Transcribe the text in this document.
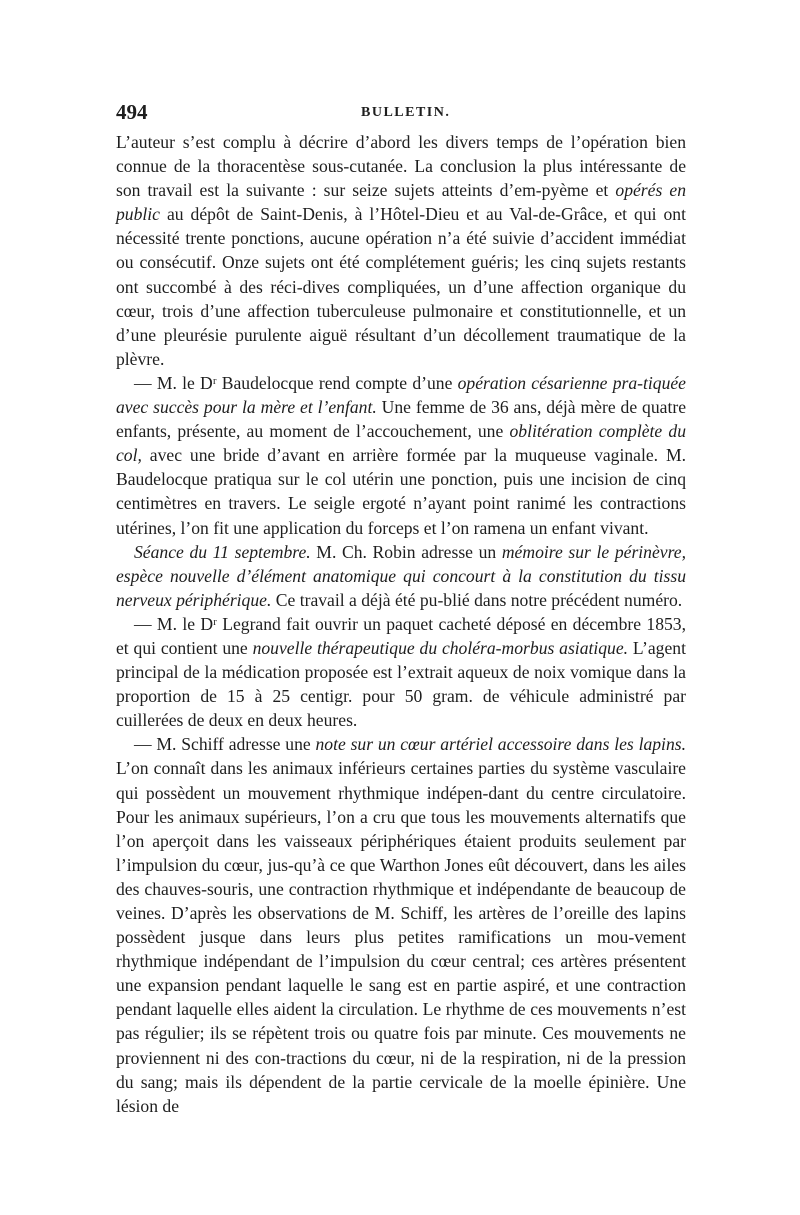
494	BULLETIN.

L’auteur s’est complu à décrire d’abord les divers temps de l’opération bien connue de la thoracentèse sous-cutanée. La conclusion la plus intéressante de son travail est la suivante : sur seize sujets atteints d’em-pyème et opérés en public au dépôt de Saint-Denis, à l’Hôtel-Dieu et au Val-de-Grâce, et qui ont nécessité trente ponctions, aucune opération n’a été suivie d’accident immédiat ou consécutif. Onze sujets ont été complétement guéris; les cinq sujets restants ont succombé à des réci-dives compliquées, un d’une affection organique du cœur, trois d’une affection tuberculeuse pulmonaire et constitutionnelle, et un d’une pleurésie purulente aiguë résultant d’un décollement traumatique de la plèvre.

— M. le Dʳ Baudelocque rend compte d’une opération césarienne pra-tiquée avec succès pour la mère et l’enfant. Une femme de 36 ans, déjà mère de quatre enfants, présente, au moment de l’accouchement, une oblitération complète du col, avec une bride d’avant en arrière formée par la muqueuse vaginale. M. Baudelocque pratiqua sur le col utérin une ponction, puis une incision de cinq centimètres en travers. Le seigle ergoté n’ayant point ranimé les contractions utérines, l’on fit une application du forceps et l’on ramena un enfant vivant.

Séance du 11 septembre. M. Ch. Robin adresse un mémoire sur le périnèvre, espèce nouvelle d’élément anatomique qui concourt à la constitution du tissu nerveux périphérique. Ce travail a déjà été pu-blié dans notre précédent numéro.

— M. le Dʳ Legrand fait ouvrir un paquet cacheté déposé en décembre 1853, et qui contient une nouvelle thérapeutique du choléra-morbus asiatique. L’agent principal de la médication proposée est l’extrait aqueux de noix vomique dans la proportion de 15 à 25 centigr. pour 50 gram. de véhicule administré par cuillerées de deux en deux heures.

— M. Schiff adresse une note sur un cœur artériel accessoire dans les lapins. L’on connaît dans les animaux inférieurs certaines parties du système vasculaire qui possèdent un mouvement rhythmique indépen-dant du centre circulatoire. Pour les animaux supérieurs, l’on a cru que tous les mouvements alternatifs que l’on aperçoit dans les vaisseaux périphériques étaient produits seulement par l’impulsion du cœur, jus-qu’à ce que Warthon Jones eût découvert, dans les ailes des chauves-souris, une contraction rhythmique et indépendante de beaucoup de veines. D’après les observations de M. Schiff, les artères de l’oreille des lapins possèdent jusque dans leurs plus petites ramifications un mou-vement rhythmique indépendant de l’impulsion du cœur central; ces artères présentent une expansion pendant laquelle le sang est en partie aspiré, et une contraction pendant laquelle elles aident la circulation. Le rhythme de ces mouvements n’est pas régulier; ils se répètent trois ou quatre fois par minute. Ces mouvements ne proviennent ni des con-tractions du cœur, ni de la respiration, ni de la pression du sang; mais ils dépendent de la partie cervicale de la moelle épinière. Une lésion de
